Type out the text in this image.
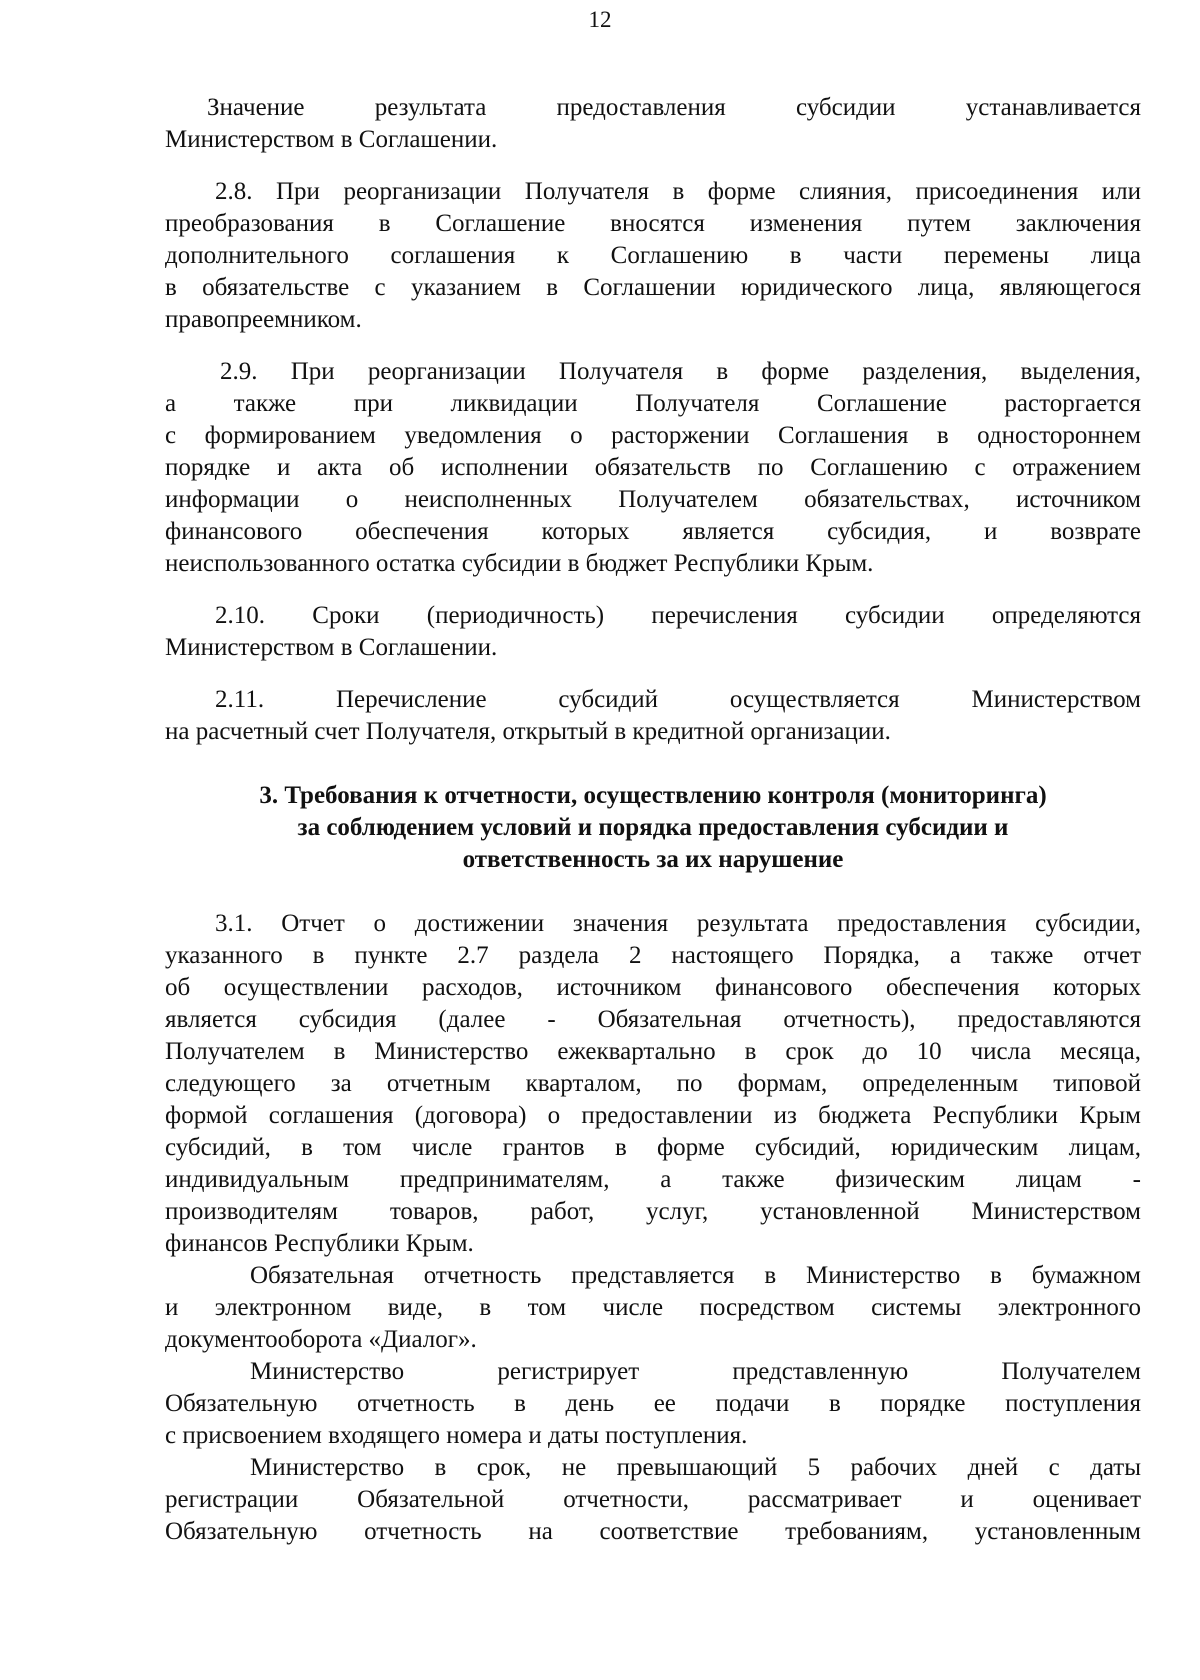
12
Значение результата предоставления субсидии устанавливается
Министерством в Соглашении.
2.8. При реорганизации Получателя в форме слияния, присоединения или
преобразования в Соглашение вносятся изменения путем заключения
дополнительного соглашения к Соглашению в части перемены лица
в обязательстве с указанием в Соглашении юридического лица, являющегося
правопреемником.
2.9. При реорганизации Получателя в форме разделения, выделения,
а также при ликвидации Получателя Соглашение расторгается
с формированием уведомления о расторжении Соглашения в одностороннем
порядке и акта об исполнении обязательств по Соглашению с отражением
информации о неисполненных Получателем обязательствах, источником
финансового обеспечения которых является субсидия, и возврате
неиспользованного остатка субсидии в бюджет Республики Крым.
2.10. Сроки (периодичность) перечисления субсидии определяются
Министерством в Соглашении.
2.11. Перечисление субсидий осуществляется Министерством
на расчетный счет Получателя, открытый в кредитной организации.
3. Требования к отчетности, осуществлению контроля (мониторинга)
за соблюдением условий и порядка предоставления субсидии и
ответственность за их нарушение
3.1. Отчет о достижении значения результата предоставления субсидии,
указанного в пункте 2.7 раздела 2 настоящего Порядка, а также отчет
об осуществлении расходов, источником финансового обеспечения которых
является субсидия (далее - Обязательная отчетность), предоставляются
Получателем в Министерство ежеквартально в срок до 10 числа месяца,
следующего за отчетным кварталом, по формам, определенным типовой
формой соглашения (договора) о предоставлении из бюджета Республики Крым
субсидий, в том числе грантов в форме субсидий, юридическим лицам,
индивидуальным предпринимателям, а также физическим лицам -
производителям товаров, работ, услуг, установленной Министерством
финансов Республики Крым.
Обязательная отчетность представляется в Министерство в бумажном
и электронном виде, в том числе посредством системы электронного
документооборота «Диалог».
Министерство регистрирует представленную Получателем
Обязательную отчетность в день ее подачи в порядке поступления
с присвоением входящего номера и даты поступления.
Министерство в срок, не превышающий 5 рабочих дней с даты
регистрации Обязательной отчетности, рассматривает и оценивает
Обязательную отчетность на соответствие требованиям, установленным
